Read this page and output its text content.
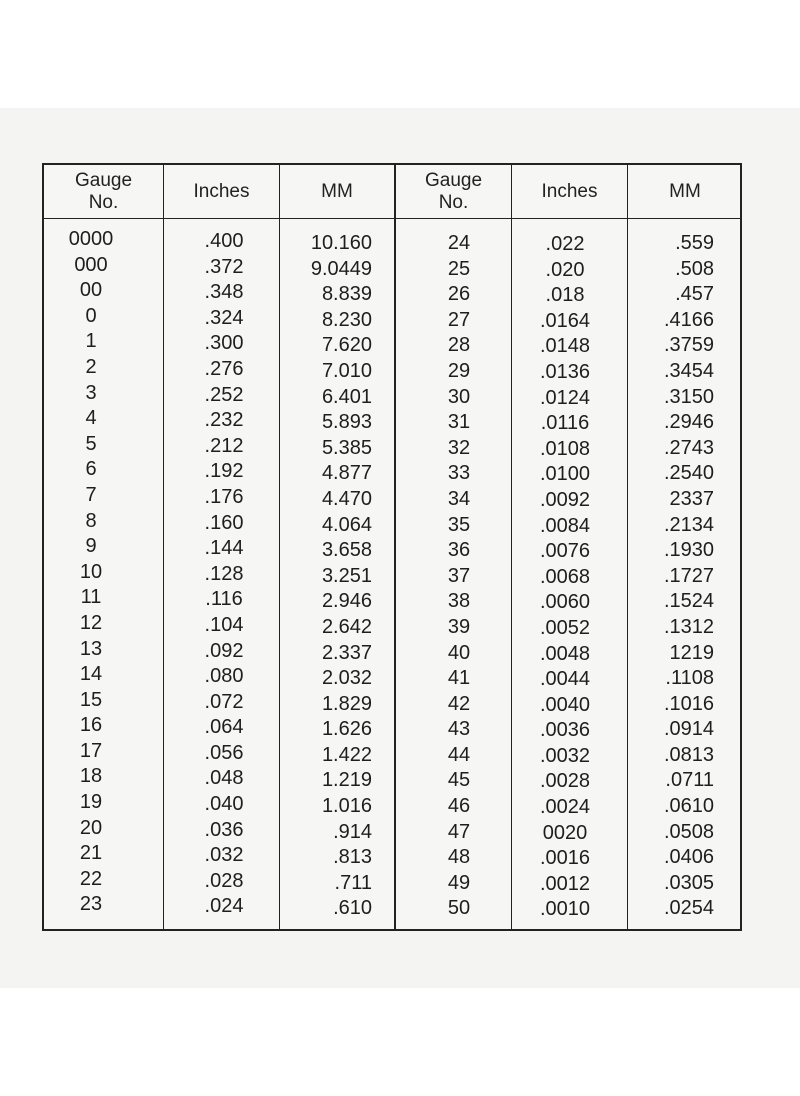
Gauge
No.
Inches	MM
Gauge
No.
Inches	MM
0000
000
00
0
1
2
3
4
5
6
7
8
9
10
11
12
13
14
15
16
17
18
19
20
21
22
23
.400
.372
.348
.324
.300
.276
.252
.232
.212
.192
.176
.160
.144
.128
.116
.104
.092
.080
.072
.064
.056
.048
.040
.036
.032
.028
.024
10.160
9.0449
8.839
8.230
7.620
7.010
6.401
5.893
5.385
4.877
4.470
4.064
3.658
3.251
2.946
2.642
2.337
2.032
1.829
1.626
1.422
1.219
1.016
.914
.813
.711
.610
24
25
26
27
28
29
30
31
32
33
34
35
36
37
38
39
40
41
42
43
44
45
46
47
48
49
50
.022
.020
.018
.0164
.0148
.0136
.0124
.0116
.0108
.0100
.0092
.0084
.0076
.0068
.0060
.0052
.0048
.0044
.0040
.0036
.0032
.0028
.0024
0020
.0016
.0012
.0010
.559
.508
.457
.4166
.3759
.3454
.3150
.2946
.2743
.2540
2337
.2134
.1930
.1727
.1524
.1312
1219
.1108
.1016
.0914
.0813
.0711
.0610
.0508
.0406
.0305
.0254
